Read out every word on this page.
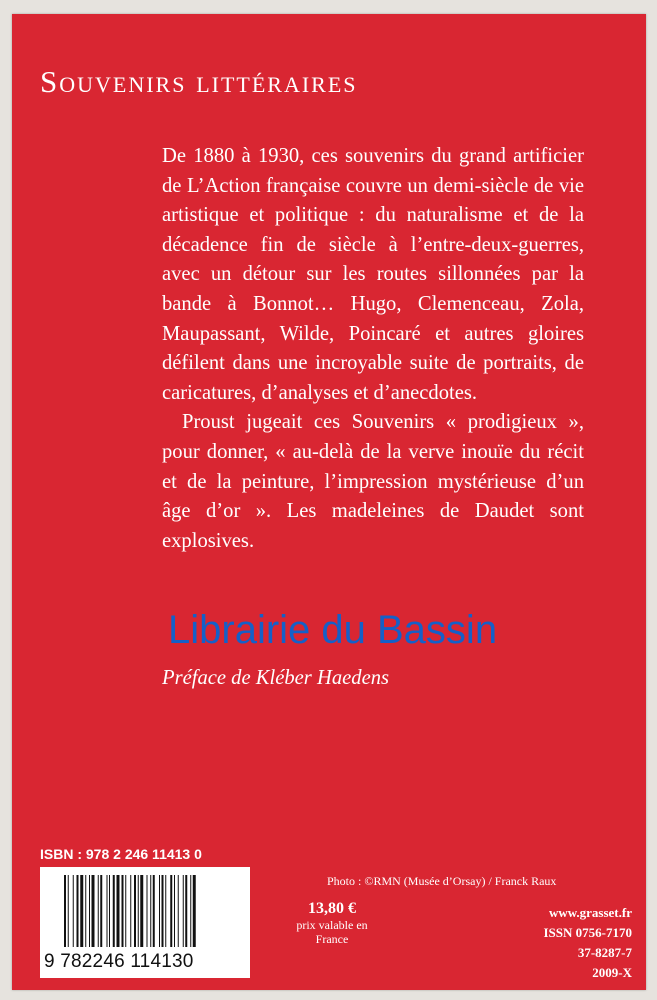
Souvenirs littéraires

De 1880 à 1930, ces souvenirs du grand artificier de L’Action française couvre un demi-siècle de vie artistique et politique : du naturalisme et de la décadence fin de siècle à l’entre-deux-guerres, avec un détour sur les routes sillonnées par la bande à Bonnot… Hugo, Clemenceau, Zola, Maupassant, Wilde, Poincaré et autres gloires défilent dans une incroyable suite de portraits, de caricatures, d’analyses et d’anecdotes.

Proust jugeait ces Souvenirs « prodigieux », pour donner, « au-delà de la verve inouïe du récit et de la peinture, l’impression mystérieuse d’un âge d’or ». Les madeleines de Daudet sont explosives.

Préface de Kléber Haedens
ISBN : 978 2 246 11413 0
9 782246 114130
Photo : ©RMN (Musée d’Orsay) / Franck Raux
13,80 €
prix valable en
France
www.grasset.fr
ISSN 0756-7170
37-8287-7
2009-X
Librairie du Bassin
